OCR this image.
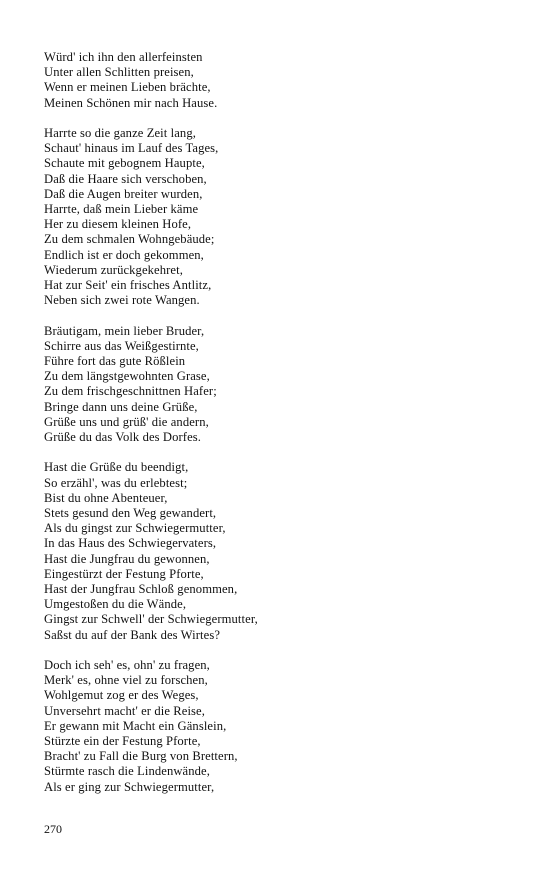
Würd' ich ihn den allerfeinsten
Unter allen Schlitten preisen,
Wenn er meinen Lieben brächte,
Meinen Schönen mir nach Hause.
Harrte so die ganze Zeit lang,
Schaut' hinaus im Lauf des Tages,
Schaute mit gebognem Haupte,
Daß die Haare sich verschoben,
Daß die Augen breiter wurden,
Harrte, daß mein Lieber käme
Her zu diesem kleinen Hofe,
Zu dem schmalen Wohngebäude;
Endlich ist er doch gekommen,
Wiederum zurückgekehret,
Hat zur Seit' ein frisches Antlitz,
Neben sich zwei rote Wangen.
Bräutigam, mein lieber Bruder,
Schirre aus das Weißgestirnte,
Führe fort das gute Rößlein
Zu dem längstgewohnten Grase,
Zu dem frischgeschnittnen Hafer;
Bringe dann uns deine Grüße,
Grüße uns und grüß' die andern,
Grüße du das Volk des Dorfes.
Hast die Grüße du beendigt,
So erzähl', was du erlebtest;
Bist du ohne Abenteuer,
Stets gesund den Weg gewandert,
Als du gingst zur Schwiegermutter,
In das Haus des Schwiegervaters,
Hast die Jungfrau du gewonnen,
Eingestürzt der Festung Pforte,
Hast der Jungfrau Schloß genommen,
Umgestoßen du die Wände,
Gingst zur Schwell' der Schwiegermutter,
Saßst du auf der Bank des Wirtes?
Doch ich seh' es, ohn' zu fragen,
Merk' es, ohne viel zu forschen,
Wohlgemut zog er des Weges,
Unversehrt macht' er die Reise,
Er gewann mit Macht ein Gänslein,
Stürzte ein der Festung Pforte,
Bracht' zu Fall die Burg von Brettern,
Stürmte rasch die Lindenwände,
Als er ging zur Schwiegermutter,
270
